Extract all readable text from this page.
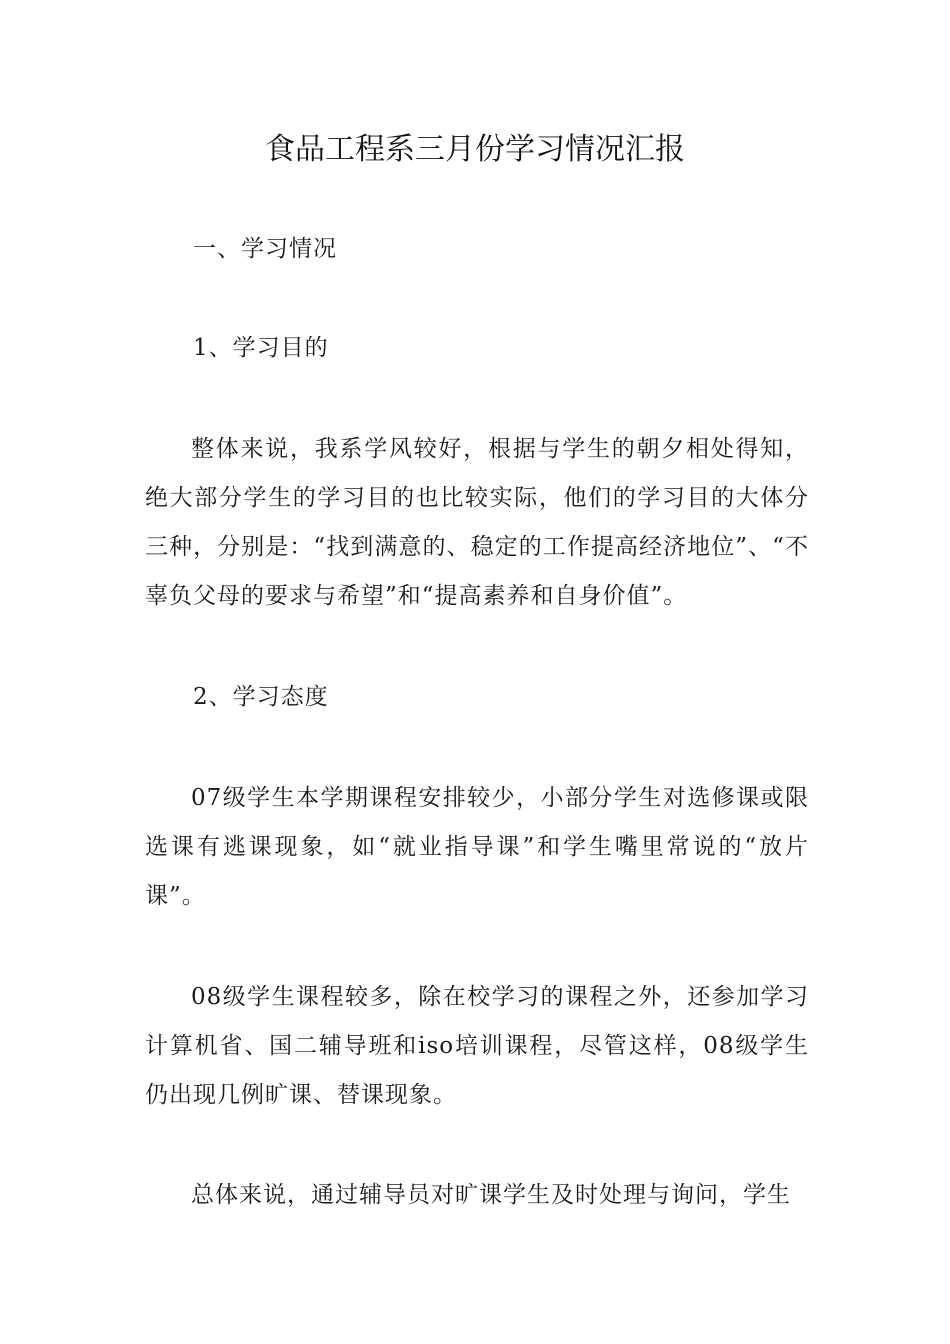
食品工程系三月份学习情况汇报
一、学习情况
1、学习目的
整体来说，我系学风较好，根据与学生的朝夕相处得知，绝大部分学生的学习目的也比较实际，他们的学习目的大体分三种，分别是：“找到满意的、稳定的工作提高经济地位”、“不辜负父母的要求与希望”和“提高素养和自身价值”。
2、学习态度
07级学生本学期课程安排较少，小部分学生对选修课或限选课有逃课现象，如“就业指导课”和学生嘴里常说的“放片课”。
08级学生课程较多，除在校学习的课程之外，还参加学习计算机省、国二辅导班和iso培训课程，尽管这样，08级学生仍出现几例旷课、替课现象。
总体来说，通过辅导员对旷课学生及时处理与询问，学生
